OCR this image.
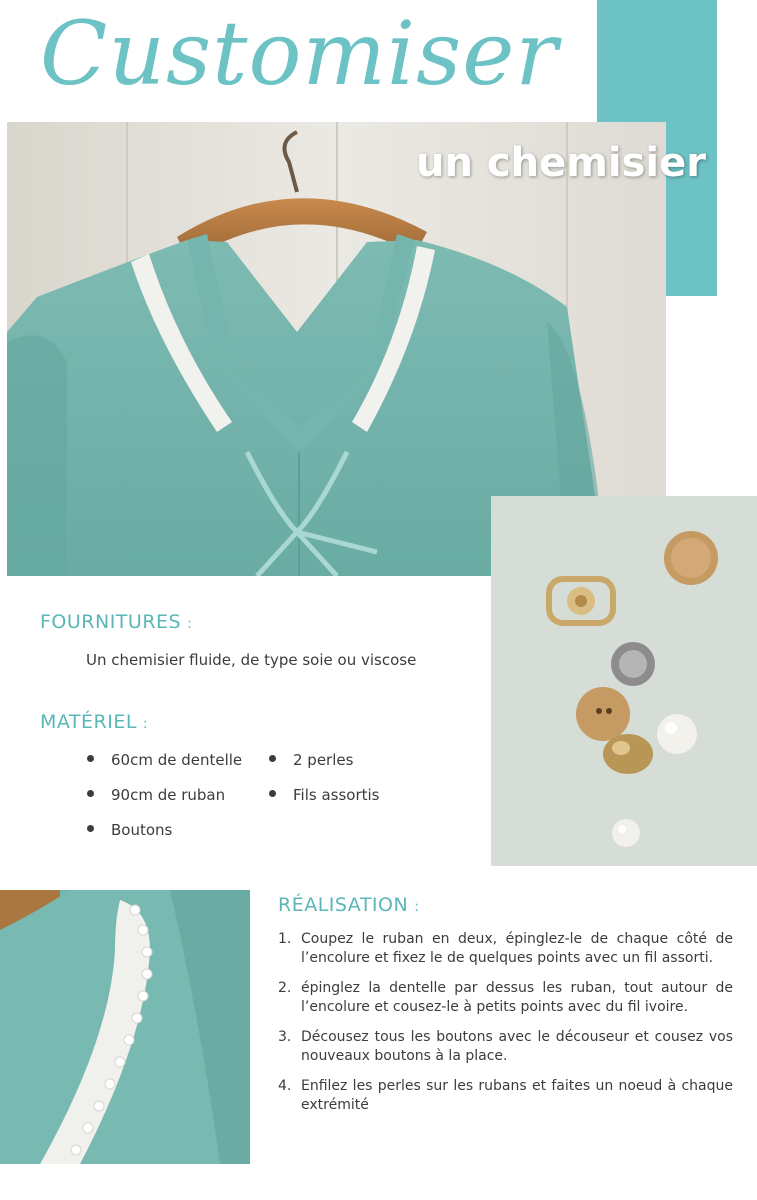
Customiser
un chemisier
FOURNITURES :
Un chemisier fluide, de type soie ou viscose
MATÉRIEL :
60cm de dentelle	2 perles
90cm de ruban	Fils assortis
Boutons
RÉALISATION :
1. Coupez le ruban en deux, épinglez-le de chaque côté de l’encolure et fixez le de quelques points avec un fil assorti.
2. épinglez la dentelle par dessus les ruban, tout autour de l’encolure et cousez-le à petits points avec du fil ivoire.
3. Décousez tous les boutons avec le découseur et cousez vos nouveaux boutons à la place.
4. Enfilez les perles sur les rubans et faites un noeud à chaque extrémité
